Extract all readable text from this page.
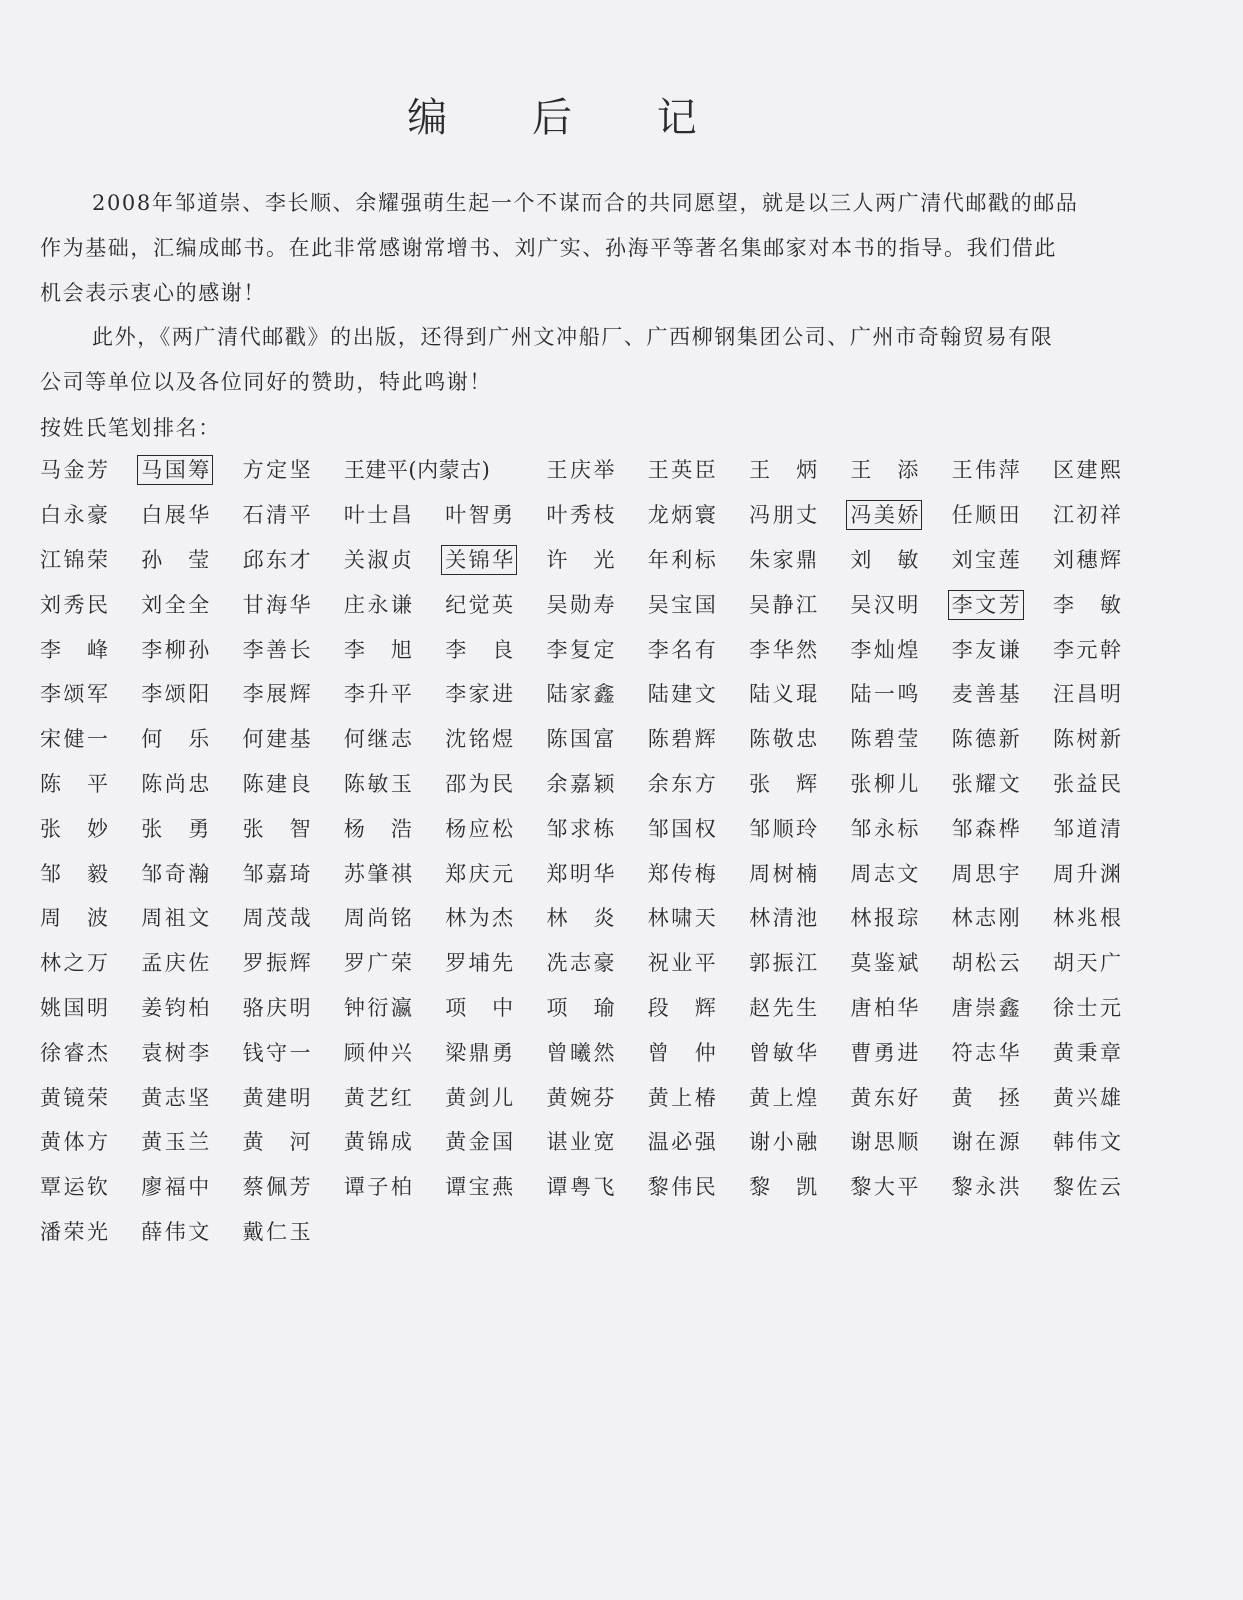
编 后 记
2008年邹道崇、李长顺、余耀强萌生起一个不谋而合的共同愿望，就是以三人两广清代邮戳的邮品
作为基础，汇编成邮书。在此非常感谢常增书、刘广实、孙海平等著名集邮家对本书的指导。我们借此
机会表示衷心的感谢！
此外，《两广清代邮戳》的出版，还得到广州文冲船厂、广西柳钢集团公司、广州市奇翰贸易有限
公司等单位以及各位同好的赞助，特此鸣谢！
按姓氏笔划排名：
马金芳 马国筹 方定坚 王建平(内蒙古)	王庆举 王英臣 王 炳 王 添 王伟萍 区建熙
白永豪 白展华 石清平 叶士昌 叶智勇 叶秀枝 龙炳寰 冯朋丈 冯美娇 任顺田 江初祥
江锦荣 孙 莹 邱东才 关淑贞 关锦华 许 光 年利标 朱家鼎 刘 敏 刘宝莲 刘穗辉
刘秀民 刘全全 甘海华 庄永谦 纪觉英 吴勋寿 吴宝国 吴静江 吴汉明 李文芳 李 敏
李 峰 李柳孙 李善长 李 旭 李 良 李复定 李名有 李华然 李灿煌 李友谦 李元幹
李颂军 李颂阳 李展辉 李升平 李家进 陆家鑫 陆建文 陆义琨 陆一鸣 麦善基 汪昌明
宋健一 何 乐 何建基 何继志 沈铭煜 陈国富 陈碧辉 陈敬忠 陈碧莹 陈德新 陈树新
陈 平 陈尚忠 陈建良 陈敏玉 邵为民 余嘉颖 余东方 张 辉 张柳儿 张耀文 张益民
张 妙 张 勇 张 智 杨 浩 杨应松 邹求栋 邹国权 邹顺玲 邹永标 邹森桦 邹道清
邹 毅 邹奇瀚 邹嘉琦 苏肇祺 郑庆元 郑明华 郑传梅 周树楠 周志文 周思宇 周升渊
周 波 周祖文 周茂哉 周尚铭 林为杰 林 炎 林啸天 林清池 林报琮 林志刚 林兆根
林之万 孟庆佐 罗振辉 罗广荣 罗埔先 冼志豪 祝业平 郭振江 莫鉴斌 胡松云 胡天广
姚国明 姜钧柏 骆庆明 钟衍瀛 项 中 项 瑜 段 辉 赵先生 唐柏华 唐崇鑫 徐士元
徐睿杰 袁树李 钱守一 顾仲兴 梁鼎勇 曾曦然 曾 仲 曾敏华 曹勇进 符志华 黄秉章
黄镜荣 黄志坚 黄建明 黄艺红 黄剑儿 黄婉芬 黄上椿 黄上煌 黄东好 黄 拯 黄兴雄
黄体方 黄玉兰 黄 河 黄锦成 黄金国 谌业宽 温必强 谢小融 谢思顺 谢在源 韩伟文
覃运钦 廖福中 蔡佩芳 谭子柏 谭宝燕 谭粤飞 黎伟民 黎 凯 黎大平 黎永洪 黎佐云
潘荣光 薛伟文 戴仁玉
